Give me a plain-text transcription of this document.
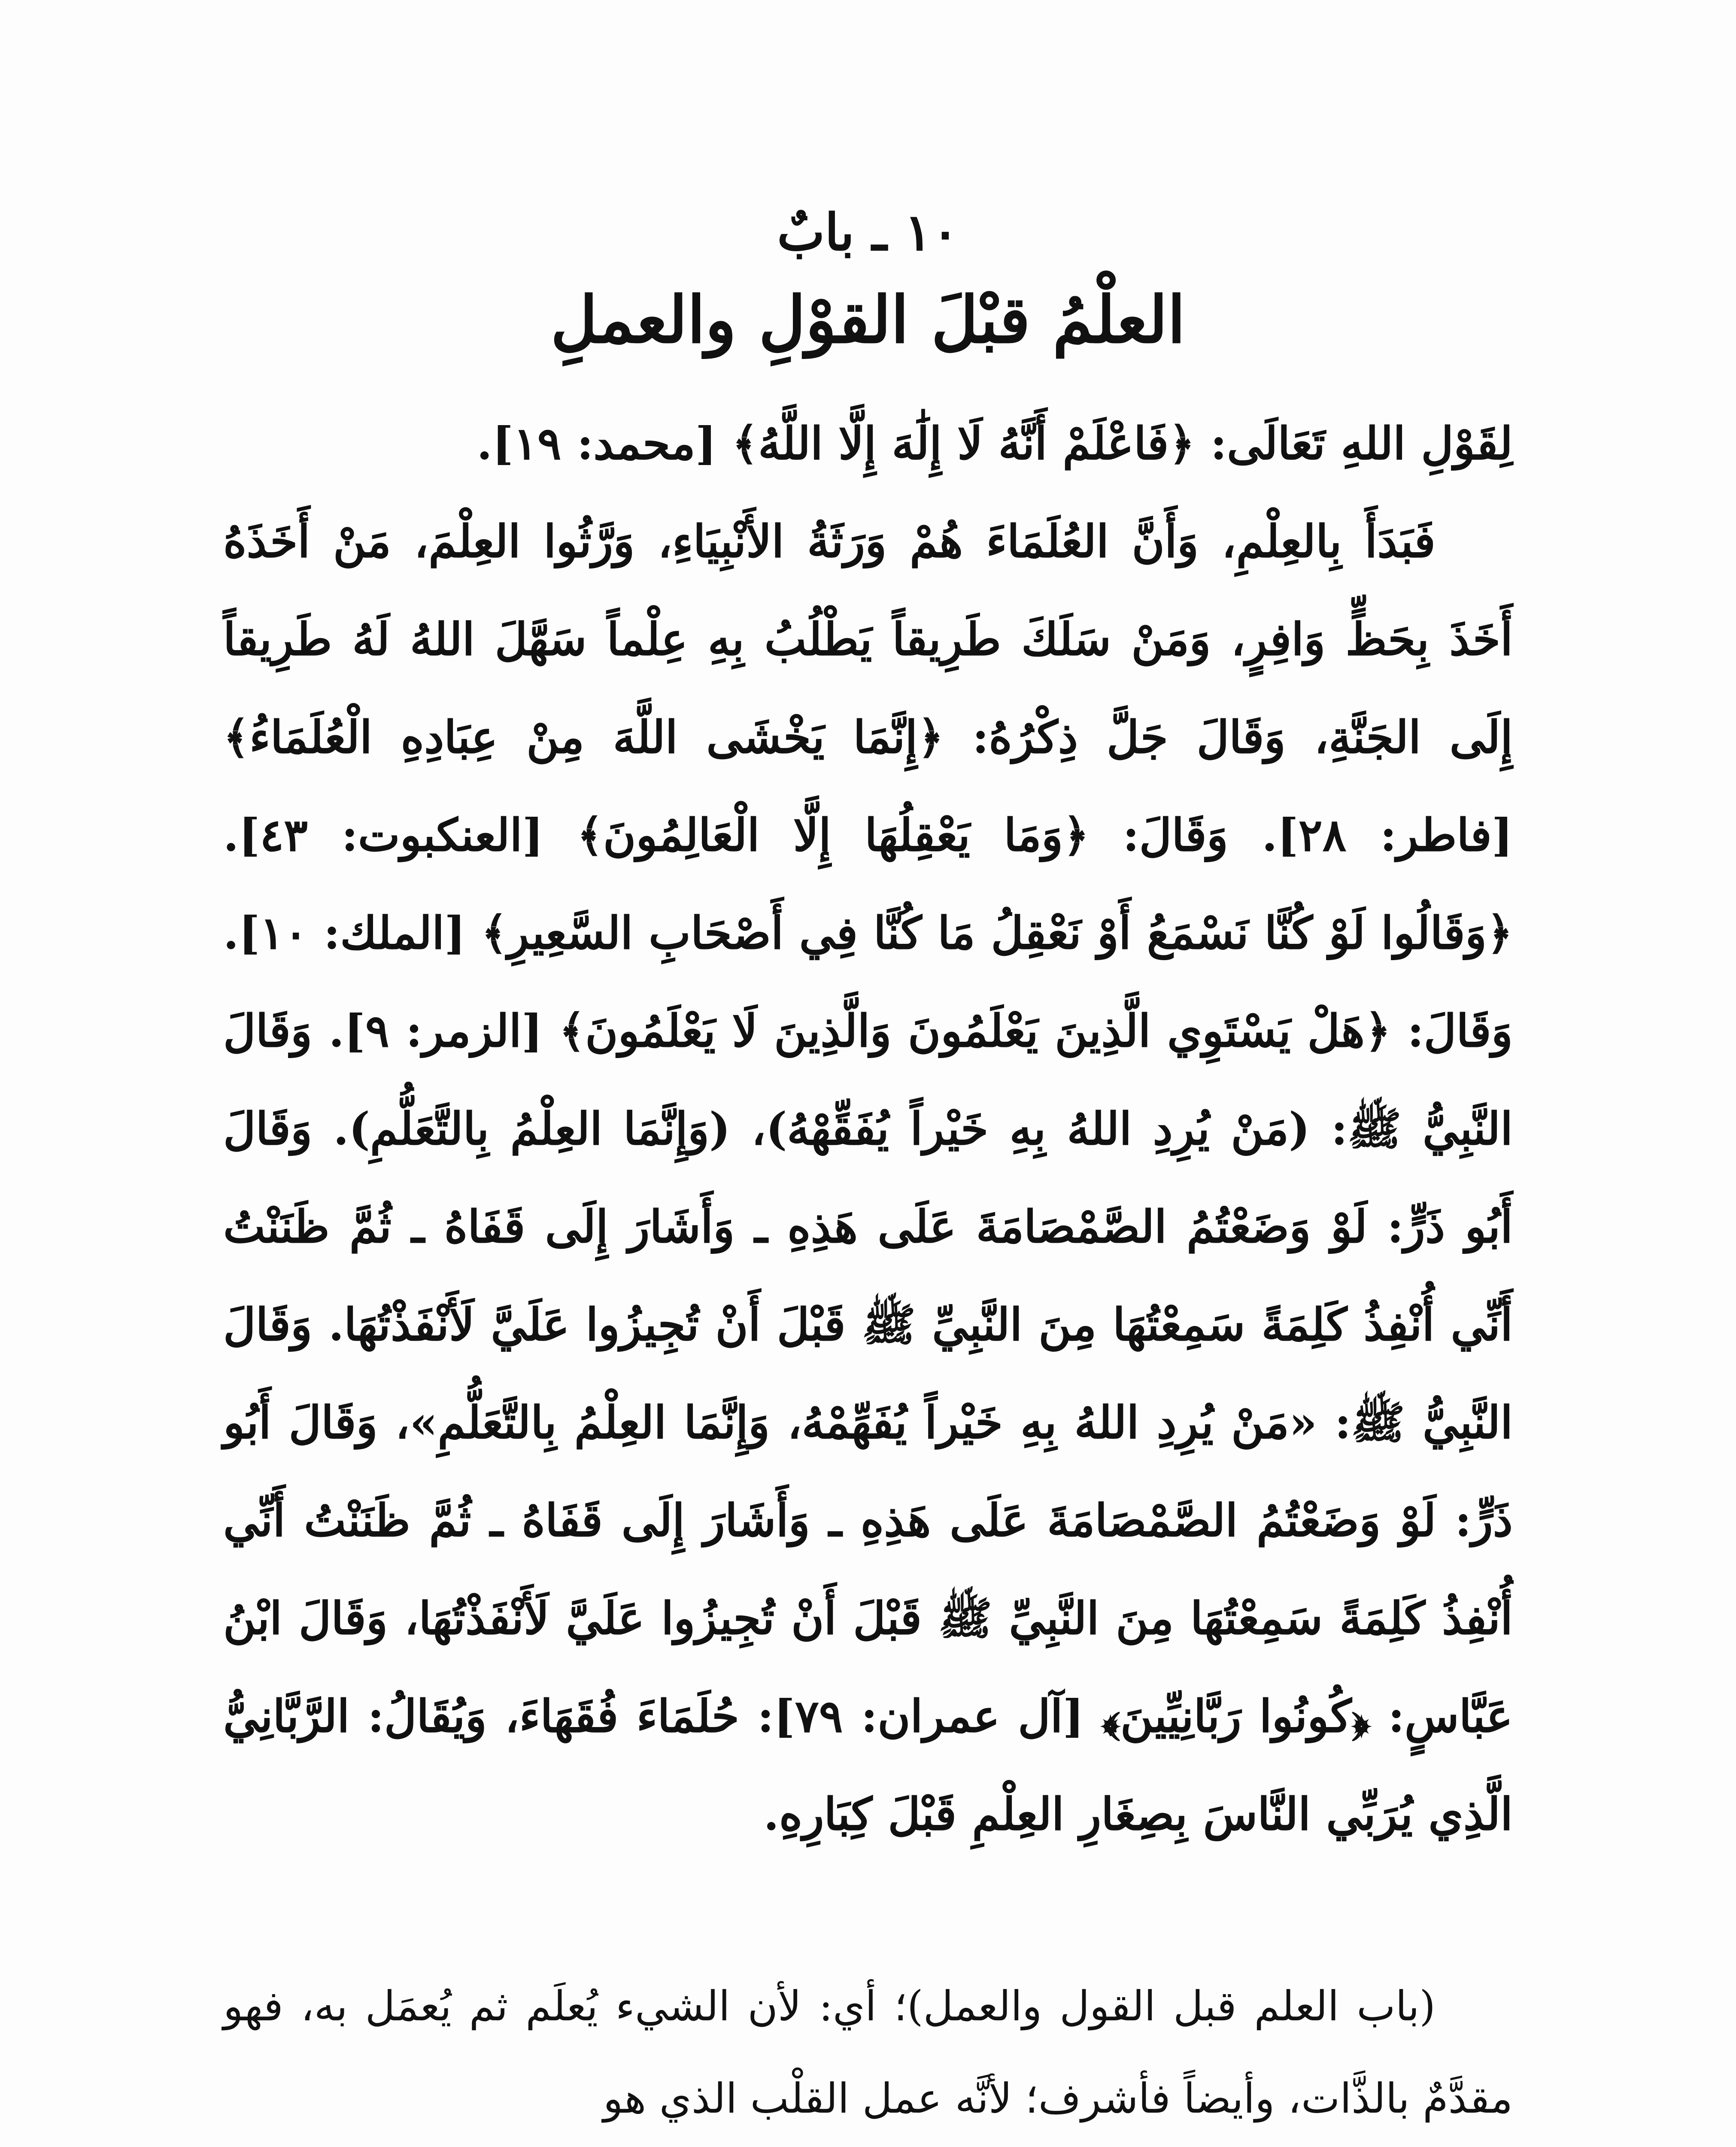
١٠ ـ بابٌ
العلْمُ قبْلَ القوْلِ والعملِ

لِقَوْلِ اللهِ تَعَالَى: ﴿فَاعْلَمْ أَنَّهُ لَا إِلَٰهَ إِلَّا اللَّهُ﴾ [محمد: ١٩].

فَبَدَأَ بِالعِلْمِ، وَأَنَّ العُلَمَاءَ هُمْ وَرَثَةُ الأَنْبِيَاءِ، وَرَّثُوا العِلْمَ، مَنْ أَخَذَهُ أَخَذَ بِحَظٍّ وَافِرٍ، وَمَنْ سَلَكَ طَرِيقاً يَطْلُبُ بِهِ عِلْماً سَهَّلَ اللهُ لَهُ طَرِيقاً إِلَى الجَنَّةِ، وَقَالَ جَلَّ ذِكْرُهُ: ﴿إِنَّمَا يَخْشَى اللَّهَ مِنْ عِبَادِهِ الْعُلَمَاءُ﴾ [فاطر: ٢٨]. وَقَالَ: ﴿وَمَا يَعْقِلُهَا إِلَّا الْعَالِمُونَ﴾ [العنكبوت: ٤٣]. ﴿وَقَالُوا لَوْ كُنَّا نَسْمَعُ أَوْ نَعْقِلُ مَا كُنَّا فِي أَصْحَابِ السَّعِيرِ﴾ [الملك: ١٠]. وَقَالَ: ﴿هَلْ يَسْتَوِي الَّذِينَ يَعْلَمُونَ وَالَّذِينَ لَا يَعْلَمُونَ﴾ [الزمر: ٩]. وَقَالَ النَّبِيُّ ﷺ: (مَنْ يُرِدِ اللهُ بِهِ خَيْراً يُفَقِّهْهُ)، (وَإِنَّمَا العِلْمُ بِالتَّعَلُّمِ). وَقَالَ أَبُو ذَرٍّ: لَوْ وَضَعْتُمُ الصَّمْصَامَةَ عَلَى هَذِهِ ـ وَأَشَارَ إِلَى قَفَاهُ ـ ثُمَّ ظَنَنْتُ أَنِّي أُنْفِذُ كَلِمَةً سَمِعْتُهَا مِنَ النَّبِيِّ ﷺ قَبْلَ أَنْ تُجِيزُوا عَلَيَّ لَأَنْفَذْتُهَا. وَقَالَ النَّبِيُّ ﷺ: «مَنْ يُرِدِ اللهُ بِهِ خَيْراً يُفَهِّمْهُ، وَإِنَّمَا العِلْمُ بِالتَّعَلُّمِ»، وَقَالَ أَبُو ذَرٍّ: لَوْ وَضَعْتُمُ الصَّمْصَامَةَ عَلَى هَذِهِ ـ وَأَشَارَ إِلَى قَفَاهُ ـ ثُمَّ ظَنَنْتُ أَنِّي أُنْفِذُ كَلِمَةً سَمِعْتُهَا مِنَ النَّبِيِّ ﷺ قَبْلَ أَنْ تُجِيزُوا عَلَيَّ لَأَنْفَذْتُهَا، وَقَالَ ابْنُ عَبَّاسٍ: ﴿كُونُوا رَبَّانِيِّينَ﴾ [آل عمران: ٧٩]: حُلَمَاءَ فُقَهَاءَ، وَيُقَالُ: الرَّبَّانِيُّ الَّذِي يُرَبِّي النَّاسَ بِصِغَارِ العِلْمِ قَبْلَ كِبَارِهِ.

(باب العلم قبل القول والعمل)؛ أي: لأن الشيء يُعلَم ثم يُعمَل به، فهو مقدَّمٌ بالذَّات، وأيضاً فأشرف؛ لأنَّه عمل القلْب الذي هو
